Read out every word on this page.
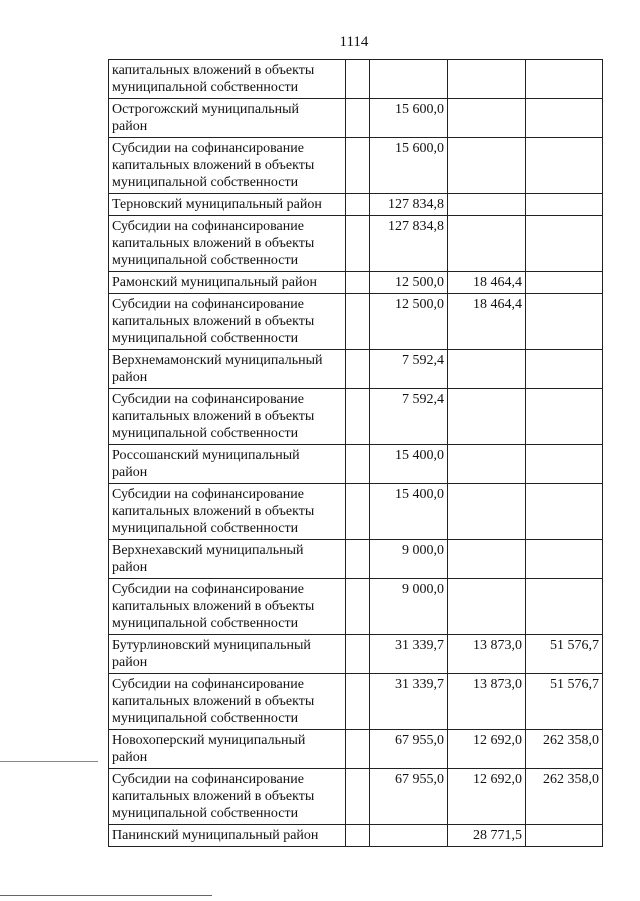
1114
капитальных вложений в объекты
муниципальной собственности				
Острогожский муниципальный
район		15 600,0		
Субсидии на софинансирование
капитальных вложений в объекты
муниципальной собственности		15 600,0		
Терновский муниципальный район		127 834,8		
Субсидии на софинансирование
капитальных вложений в объекты
муниципальной собственности		127 834,8		
Рамонский муниципальный район		12 500,0	18 464,4	
Субсидии на софинансирование
капитальных вложений в объекты
муниципальной собственности		12 500,0	18 464,4	
Верхнемамонский муниципальный
район		7 592,4		
Субсидии на софинансирование
капитальных вложений в объекты
муниципальной собственности		7 592,4		
Россошанский муниципальный
район		15 400,0		
Субсидии на софинансирование
капитальных вложений в объекты
муниципальной собственности		15 400,0		
Верхнехавский муниципальный
район		9 000,0		
Субсидии на софинансирование
капитальных вложений в объекты
муниципальной собственности		9 000,0		
Бутурлиновский муниципальный
район		31 339,7	13 873,0	51 576,7
Субсидии на софинансирование
капитальных вложений в объекты
муниципальной собственности		31 339,7	13 873,0	51 576,7
Новохоперский муниципальный
район		67 955,0	12 692,0	262 358,0
Субсидии на софинансирование
капитальных вложений в объекты
муниципальной собственности		67 955,0	12 692,0	262 358,0
Панинский муниципальный район			28 771,5	
